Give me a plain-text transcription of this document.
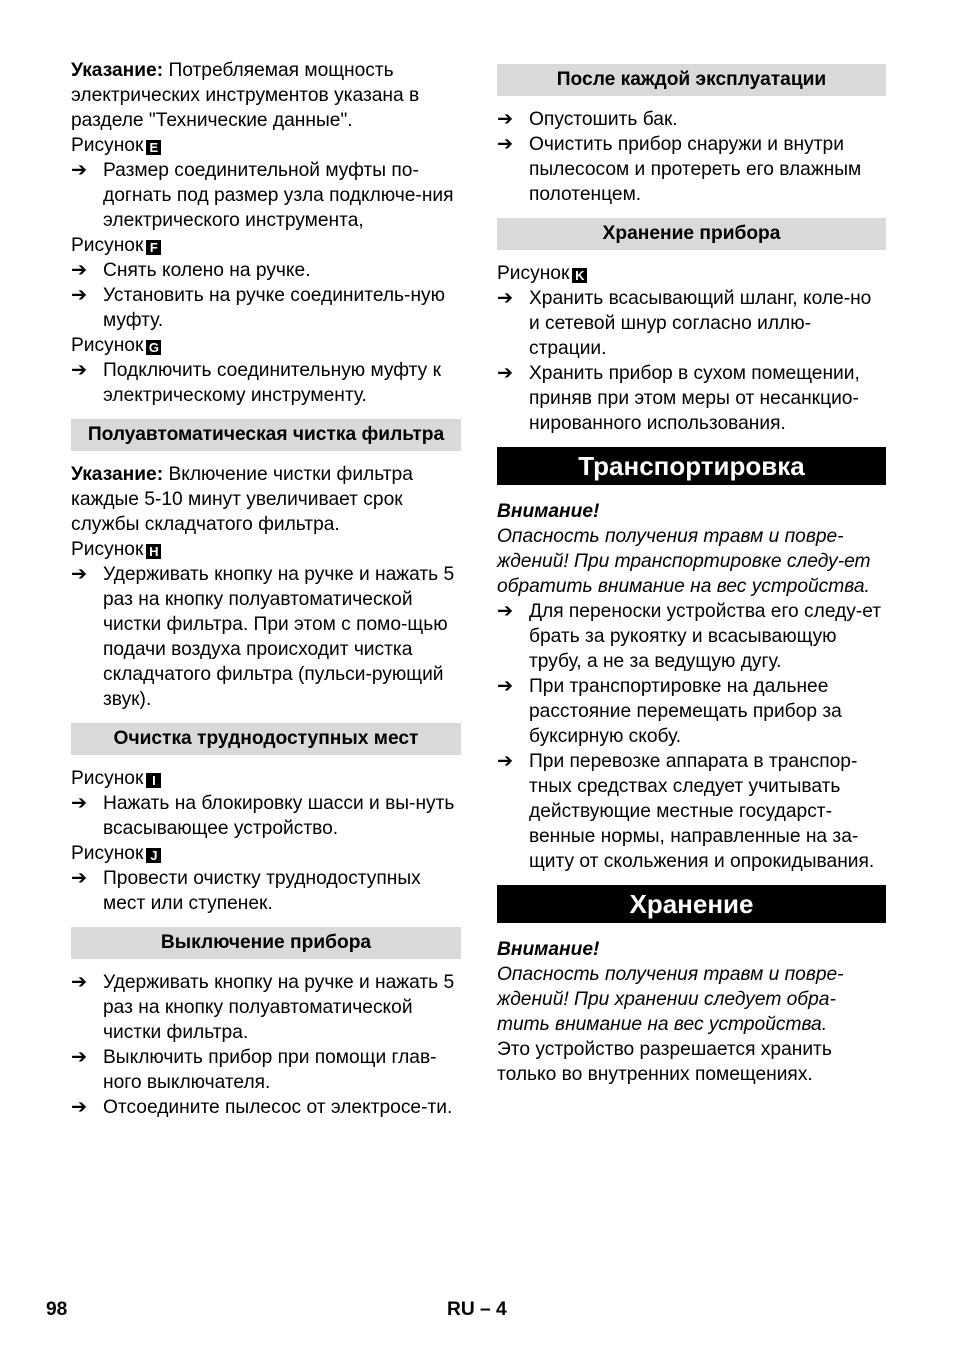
Указание: Потребляемая мощность электрических инструментов указана в разделе "Технические данные".

Рисунок E

➔ Размер соединительной муфты по-догнать под размер узла подключе-ния электрического инструмента,

Рисунок F

➔ Снять колено на ручке.

➔ Установить на ручке соединитель-ную муфту.

Рисунок G

➔ Подключить соединительную муфту к электрическому инструменту.

Полуавтоматическая чистка фильтра

Указание: Включение чистки фильтра каждые 5-10 минут увеличивает срок службы складчатого фильтра.

Рисунок H

➔ Удерживать кнопку на ручке и нажать 5 раз на кнопку полуавтоматической чистки фильтра. При этом с помо-щью подачи воздуха происходит чистка складчатого фильтра (пульси-рующий звук).

Очистка труднодоступных мест

Рисунок I

➔ Нажать на блокировку шасси и вы-нуть всасывающее устройство.

Рисунок J

➔ Провести очистку труднодоступных мест или ступенек.

Выключение прибора

➔ Удерживать кнопку на ручке и нажать 5 раз на кнопку полуавтоматической чистки фильтра.

➔ Выключить прибор при помощи глав-ного выключателя.

➔ Отсоедините пылесос от электросе-ти.

После каждой эксплуатации

➔ Опустошить бак.

➔ Очистить прибор снаружи и внутри пылесосом и протереть его влажным полотенцем.

Хранение прибора

Рисунок K

➔ Хранить всасывающий шланг, коле-но и сетевой шнур согласно иллю-страции.

➔ Хранить прибор в сухом помещении, приняв при этом меры от несанкцио-нированного использования.

Транспортировка

Внимание!

Опасность получения травм и повре-ждений! При транспортировке следу-ет обратить внимание на вес устройства.

➔ Для переноски устройства его следу-ет брать за рукоятку и всасывающую трубу, а не за ведущую дугу.

➔ При транспортировке на дальнее расстояние перемещать прибор за буксирную скобу.

➔ При перевозке аппарата в транспор-тных средствах следует учитывать действующие местные государст-венные нормы, направленные на за-щиту от скольжения и опрокидывания.

Хранение

Внимание!

Опасность получения травм и повре-ждений! При хранении следует обра-тить внимание на вес устройства.

Это устройство разрешается хранить только во внутренних помещениях.

98	RU – 4
